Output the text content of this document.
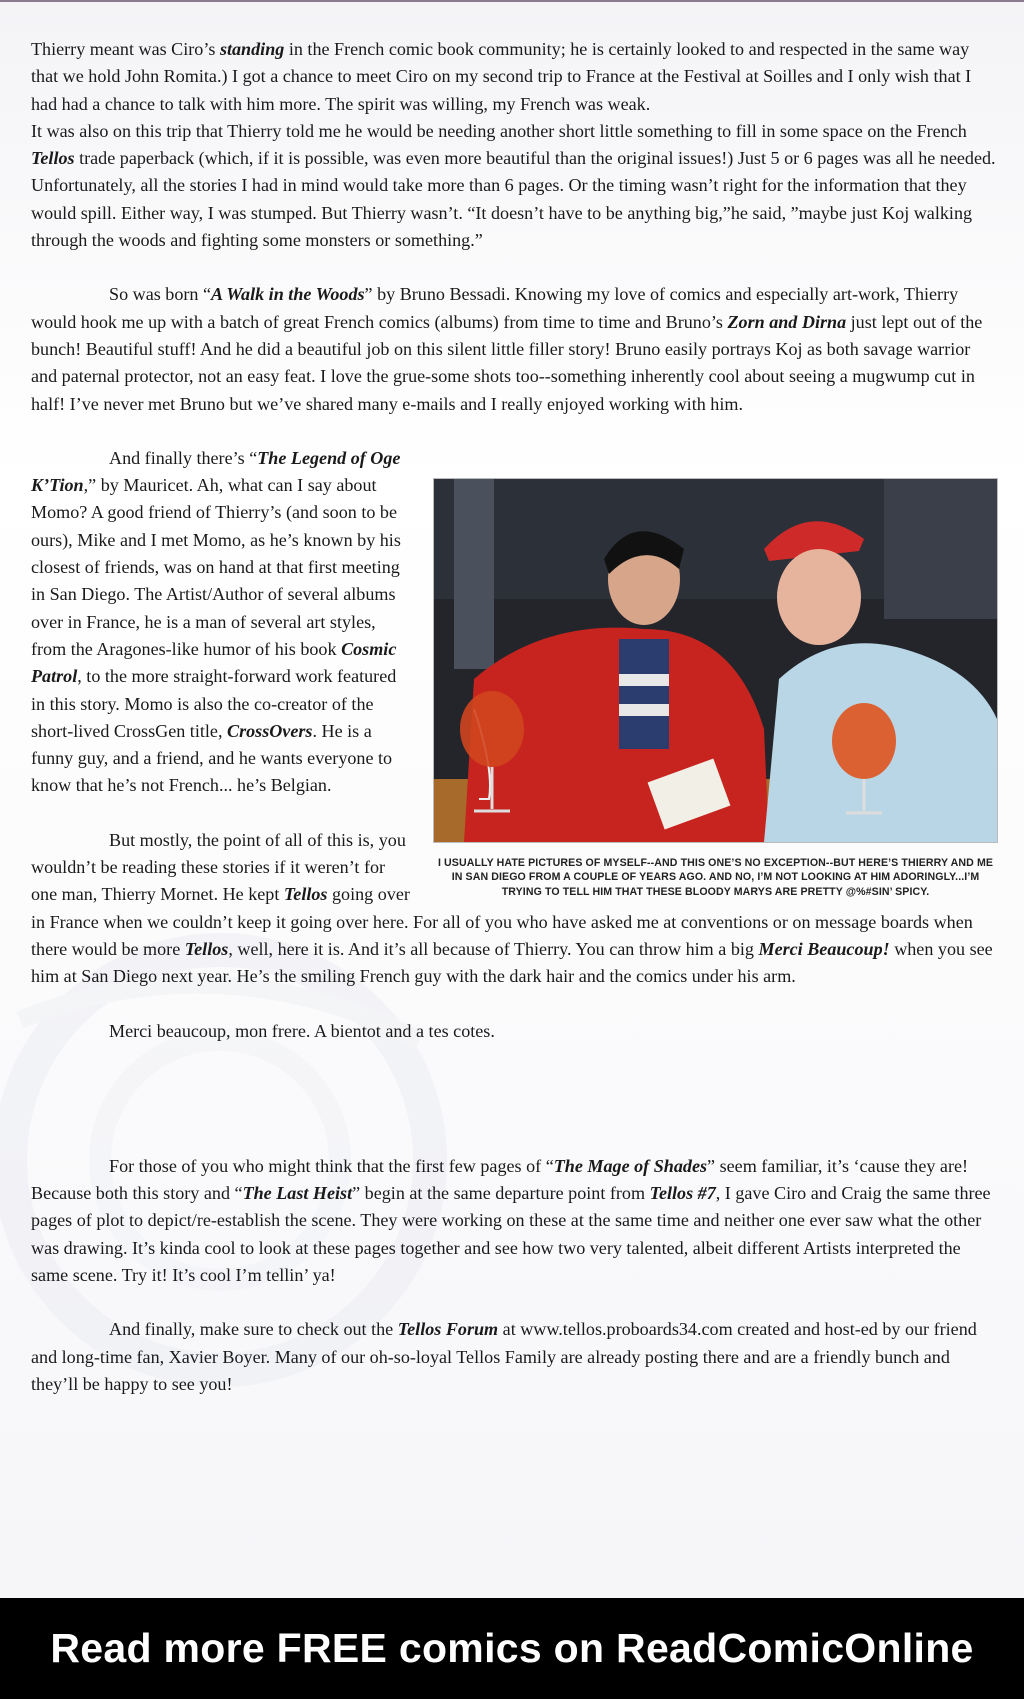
Thierry meant was Ciro’s standing in the French comic book community; he is certainly looked to and respected in the same way that we hold John Romita.) I got a chance to meet Ciro on my second trip to France at the Festival at Soilles and I only wish that I had had a chance to talk with him more. The spirit was willing, my French was weak.

It was also on this trip that Thierry told me he would be needing another short little something to fill in some space on the French Tellos trade paperback (which, if it is possible, was even more beautiful than the original issues!) Just 5 or 6 pages was all he needed. Unfortunately, all the stories I had in mind would take more than 6 pages. Or the timing wasn’t right for the information that they would spill. Either way, I was stumped. But Thierry wasn’t. “It doesn’t have to be anything big,”he said, ”maybe just Koj walking through the woods and fighting some monsters or something.”

So was born “A Walk in the Woods” by Bruno Bessadi. Knowing my love of comics and especially art-work, Thierry would hook me up with a batch of great French comics (albums) from time to time and Bruno’s Zorn and Dirna just lept out of the bunch! Beautiful stuff! And he did a beautiful job on this silent little filler story! Bruno easily portrays Koj as both savage warrior and paternal protector, not an easy feat. I love the grue-some shots too--something inherently cool about seeing a mugwump cut in half! I’ve never met Bruno but we’ve shared many e-mails and I really enjoyed working with him.

I USUALLY HATE PICTURES OF MYSELF--AND THIS ONE’S NO EXCEPTION--BUT HERE’S THIERRY AND ME IN SAN DIEGO FROM A COUPLE OF YEARS AGO. AND NO, I’M NOT LOOKING AT HIM ADORINGLY...I’M TRYING TO TELL HIM THAT THESE BLOODY MARYS ARE PRETTY @%#SIN’ SPICY.

And finally there’s “The Legend of Oge K’Tion,” by Mauricet. Ah, what can I say about Momo? A good friend of Thierry’s (and soon to be ours), Mike and I met Momo, as he’s known by his closest of friends, was on hand at that first meeting in San Diego. The Artist/Author of several albums over in France, he is a man of several art styles, from the Aragones-like humor of his book Cosmic Patrol, to the more straight-forward work featured in this story. Momo is also the co-creator of the short-lived CrossGen title, CrossOvers. He is a funny guy, and a friend, and he wants everyone to know that he’s not French... he’s Belgian.

But mostly, the point of all of this is, you wouldn’t be reading these stories if it weren’t for one man, Thierry Mornet. He kept Tellos going over in France when we couldn’t keep it going over here. For all of you who have asked me at conventions or on message boards when there would be more Tellos, well, here it is. And it’s all because of Thierry. You can throw him a big Merci Beaucoup! when you see him at San Diego next year. He’s the smiling French guy with the dark hair and the comics under his arm.

Merci beaucoup, mon frere. A bientot and a tes cotes.

For those of you who might think that the first few pages of “The Mage of Shades” seem familiar, it’s ‘cause they are! Because both this story and “The Last Heist” begin at the same departure point from Tellos #7, I gave Ciro and Craig the same three pages of plot to depict/re-establish the scene. They were working on these at the same time and neither one ever saw what the other was drawing. It’s kinda cool to look at these pages together and see how two very talented, albeit different Artists interpreted the same scene. Try it! It’s cool I’m tellin’ ya!

And finally, make sure to check out the Tellos Forum at www.tellos.proboards34.com created and host-ed by our friend and long-time fan, Xavier Boyer. Many of our oh-so-loyal Tellos Family are already posting there and are a friendly bunch and they’ll be happy to see you!

Read more FREE comics on ReadComicOnline
